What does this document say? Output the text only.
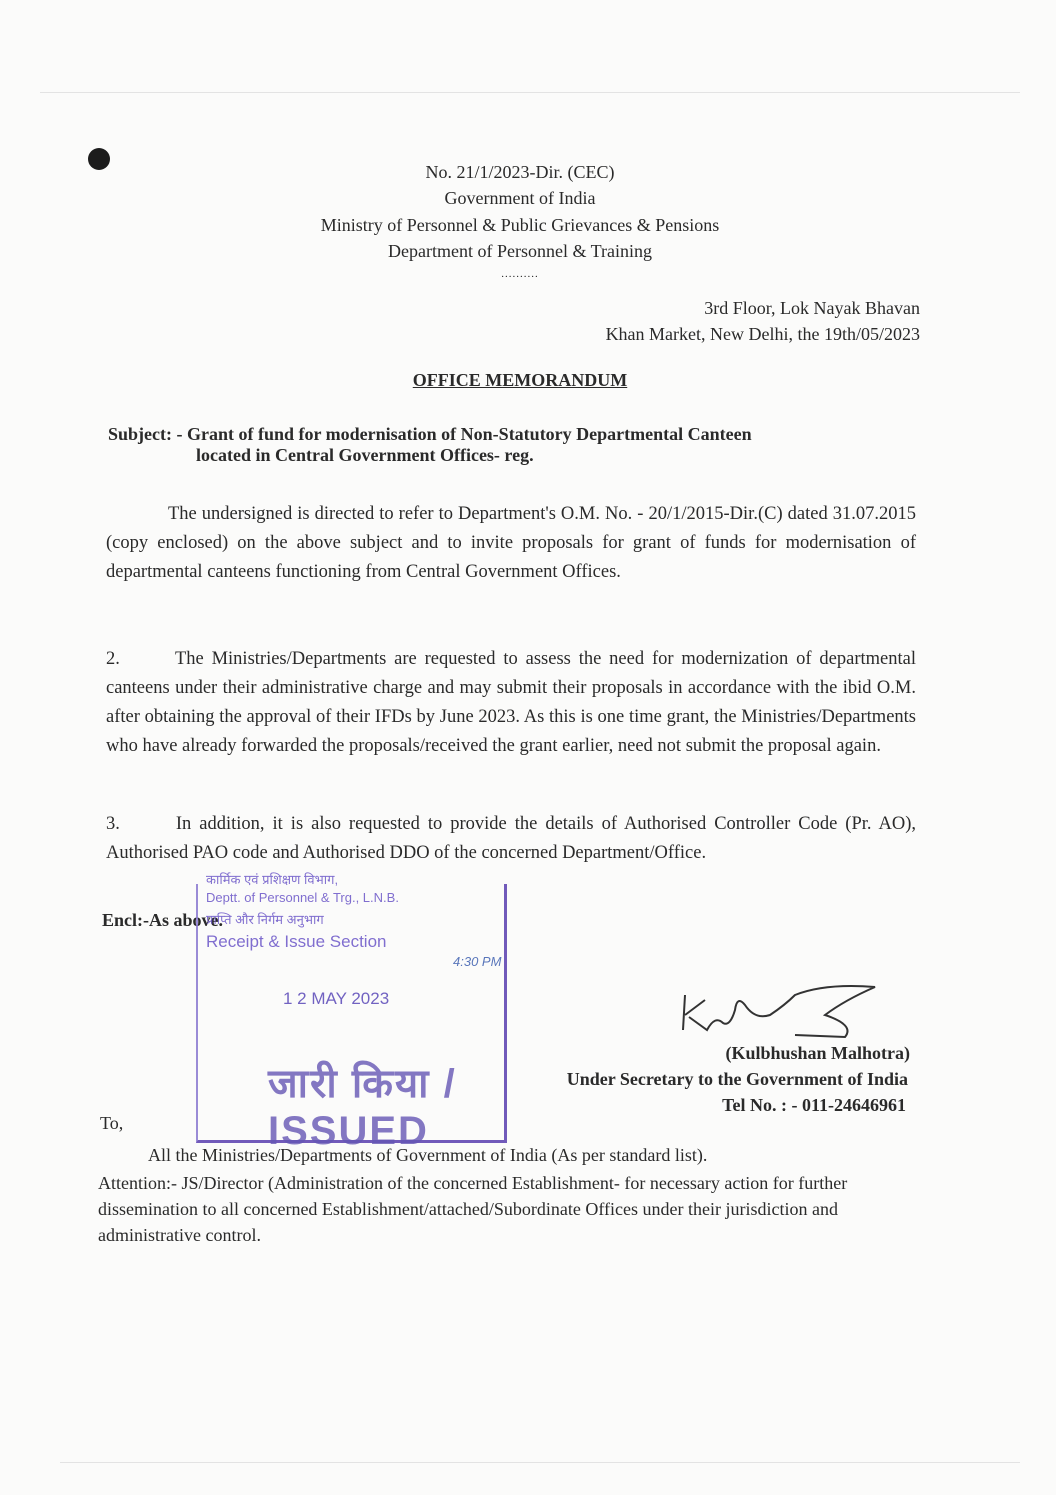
No. 21/1/2023-Dir. (CEC)
Government of India
Ministry of Personnel & Public Grievances & Pensions
Department of Personnel & Training
..........
3rd Floor, Lok Nayak Bhavan
Khan Market, New Delhi, the 19th/05/2023
OFFICE MEMORANDUM
Subject: - Grant of fund for modernisation of Non-Statutory Departmental Canteen
located in Central Government Offices- reg.
The undersigned is directed to refer to Department's O.M. No. - 20/1/2015-Dir.(C) dated 31.07.2015 (copy enclosed) on the above subject and to invite proposals for grant of funds for modernisation of departmental canteens functioning from Central Government Offices.
2.       The Ministries/Departments are requested to assess the need for modernization of departmental canteens under their administrative charge and may submit their proposals in accordance with the ibid O.M. after obtaining the approval of their IFDs by June 2023. As this is one time grant, the Ministries/Departments who have already forwarded the proposals/received the grant earlier, need not submit the proposal again.
3.       In addition, it is also requested to provide the details of Authorised Controller Code (Pr. AO), Authorised PAO code and Authorised DDO of the concerned Department/Office.
Encl:-As above.
कार्मिक एवं प्रशिक्षण विभाग,
Deptt. of Personnel & Trg., L.N.B.
प्राप्ति और निर्गम अनुभाग
Receipt & Issue Section
1 2 MAY 2023
4:30 PM
जारी किया / ISSUED
(Kulbhushan Malhotra)
Under Secretary to the Government of India
Tel No. : - 011-24646961
To,
All the Ministries/Departments of Government of India (As per standard list).
Attention:- JS/Director (Administration of the concerned Establishment- for necessary action for further dissemination to all concerned Establishment/attached/Subordinate Offices under their jurisdiction and administrative control.
